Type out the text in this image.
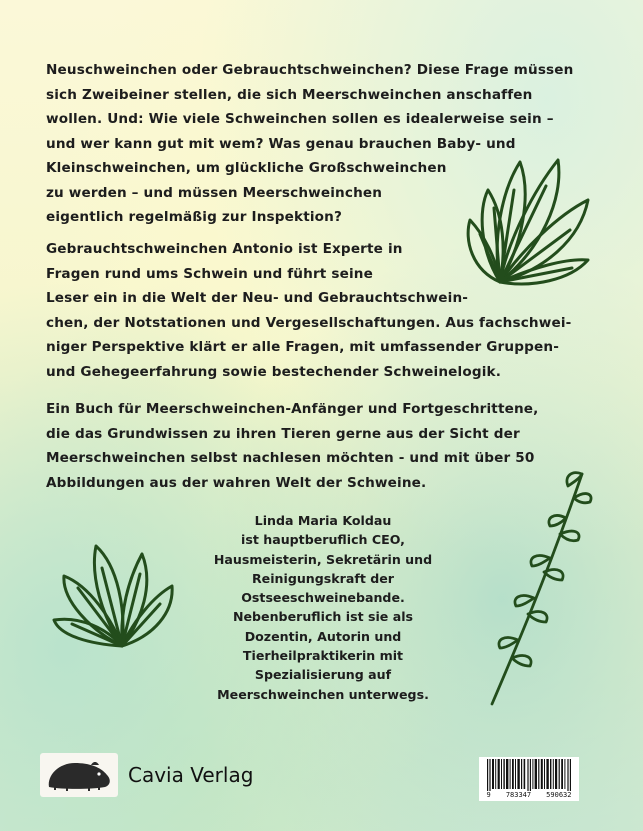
Neuschweinchen oder Gebrauchtschweinchen? Diese Frage müssen
sich Zweibeiner stellen, die sich Meerschweinchen anschaffen
wollen. Und: Wie viele Schweinchen sollen es idealerweise sein –
und wer kann gut mit wem? Was genau brauchen Baby- und
Kleinschweinchen, um glückliche Großschweinchen
zu werden – und müssen Meerschweinchen
eigentlich regelmäßig zur Inspektion?

Gebrauchtschweinchen Antonio ist Experte in
Fragen rund ums Schwein und führt seine
Leser ein in die Welt der Neu- und Gebrauchtschwein-
chen, der Notstationen und Vergesellschaftungen. Aus fachschwei-
niger Perspektive klärt er alle Fragen, mit umfassender Gruppen-
und Gehegeerfahrung sowie bestechender Schweinelogik.

Ein Buch für Meerschweinchen-Anfänger und Fortgeschrittene,
die das Grundwissen zu ihren Tieren gerne aus der Sicht der
Meerschweinchen selbst nachlesen möchten - und mit über 50
Abbildungen aus der wahren Welt der Schweine.

Linda Maria Koldau
ist hauptberuflich CEO,
Hausmeisterin, Sekretärin und
Reinigungskraft der
Ostseeschweinebande.
Nebenberuflich ist sie als
Dozentin, Autorin und
Tierheilpraktikerin mit
Spezialisierung auf
Meerschweinchen unterwegs.

Cavia Verlag
9 783347 590632
